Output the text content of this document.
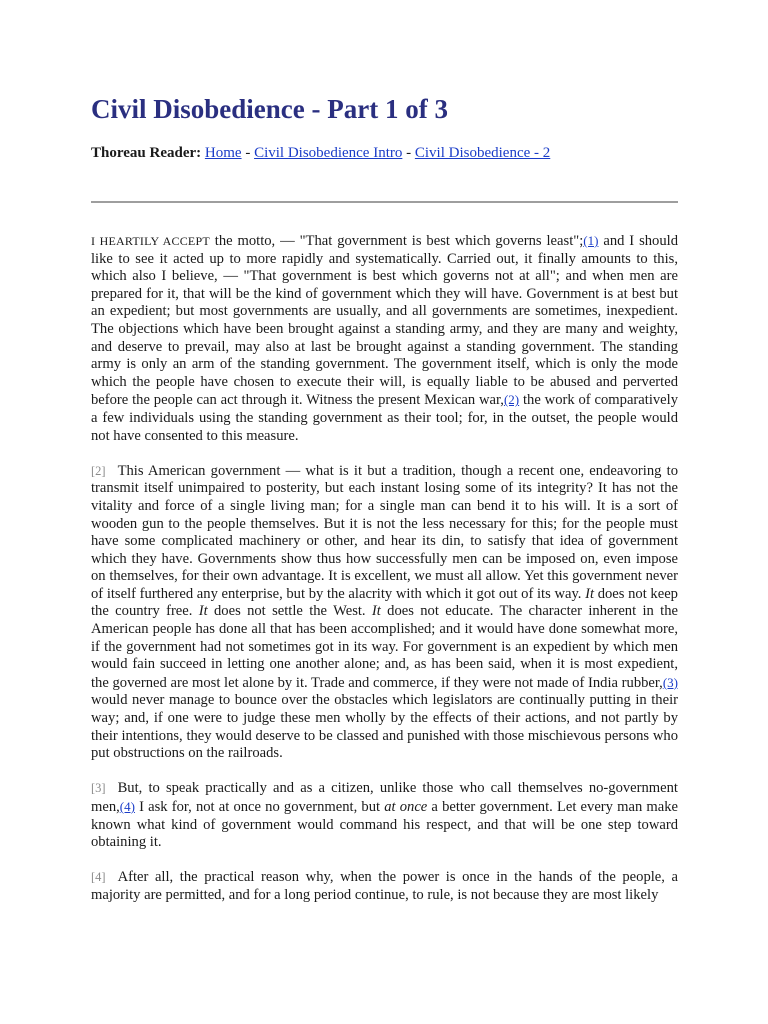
Civil Disobedience - Part 1 of 3
Thoreau Reader: Home - Civil Disobedience Intro - Civil Disobedience - 2

I HEARTILY ACCEPT the motto, — "That government is best which governs least";(1) and I should like to see it acted up to more rapidly and systematically. Carried out, it finally amounts to this, which also I believe, — "That government is best which governs not at all"; and when men are prepared for it, that will be the kind of government which they will have. Government is at best but an expedient; but most governments are usually, and all governments are sometimes, inexpedient. The objections which have been brought against a standing army, and they are many and weighty, and deserve to prevail, may also at last be brought against a standing government. The standing army is only an arm of the standing government. The government itself, which is only the mode which the people have chosen to execute their will, is equally liable to be abused and perverted before the people can act through it. Witness the present Mexican war,(2) the work of comparatively a few individuals using the standing government as their tool; for, in the outset, the people would not have consented to this measure.

[2] This American government — what is it but a tradition, though a recent one, endeavoring to transmit itself unimpaired to posterity, but each instant losing some of its integrity? It has not the vitality and force of a single living man; for a single man can bend it to his will. It is a sort of wooden gun to the people themselves. But it is not the less necessary for this; for the people must have some complicated machinery or other, and hear its din, to satisfy that idea of government which they have. Governments show thus how successfully men can be imposed on, even impose on themselves, for their own advantage. It is excellent, we must all allow. Yet this government never of itself furthered any enterprise, but by the alacrity with which it got out of its way. It does not keep the country free. It does not settle the West. It does not educate. The character inherent in the American people has done all that has been accomplished; and it would have done somewhat more, if the government had not sometimes got in its way. For government is an expedient by which men would fain succeed in letting one another alone; and, as has been said, when it is most expedient, the governed are most let alone by it. Trade and commerce, if they were not made of India rubber,(3) would never manage to bounce over the obstacles which legislators are continually putting in their way; and, if one were to judge these men wholly by the effects of their actions, and not partly by their intentions, they would deserve to be classed and punished with those mischievous persons who put obstructions on the railroads.

[3] But, to speak practically and as a citizen, unlike those who call themselves no-government men,(4) I ask for, not at once no government, but at once a better government. Let every man make known what kind of government would command his respect, and that will be one step toward obtaining it.

[4] After all, the practical reason why, when the power is once in the hands of the people, a majority are permitted, and for a long period continue, to rule, is not because they are most likely
